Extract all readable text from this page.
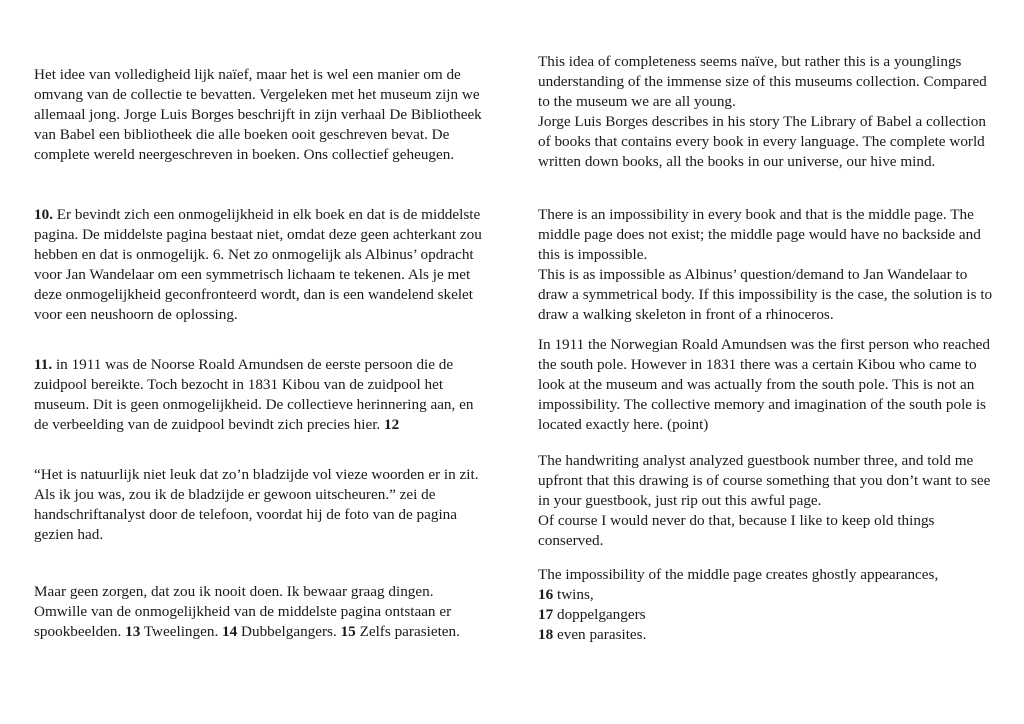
Het idee van volledigheid lijk naïef, maar het is wel een manier om de omvang van de collectie te bevatten. Vergeleken met het museum zijn we allemaal jong. Jorge Luis Borges beschrijft in zijn verhaal De Bibliotheek van Babel een bibliotheek die alle boeken ooit geschreven bevat. De complete wereld neergeschreven in boeken. Ons collectief geheugen.

10. Er bevindt zich een onmogelijkheid in elk boek en dat is de middelste pagina. De middelste pagina bestaat niet, omdat deze geen achterkant zou hebben en dat is onmogelijk. 6. Net zo onmogelijk als Albinus’ opdracht voor Jan Wandelaar om een symmetrisch lichaam te tekenen. Als je met deze onmogelijkheid geconfronteerd wordt, dan is een wandelend skelet voor een neushoorn de oplossing.

11. in 1911 was de Noorse Roald Amundsen de eerste persoon die de zuidpool bereikte. Toch bezocht in 1831 Kibou van de zuidpool het museum. Dit is geen onmogelijkheid. De collectieve herinnering aan, en de verbeelding van de zuidpool bevindt zich precies hier. 12

“Het is natuurlijk niet leuk dat zo’n bladzijde vol vieze woorden er in zit. Als ik jou was, zou ik de bladzijde er gewoon uitscheuren.” zei de handschriftanalyst door de telefoon, voordat hij de foto van de pagina gezien had.

Maar geen zorgen, dat zou ik nooit doen. Ik bewaar graag dingen. Omwille van de onmogelijkheid van de middelste pagina ontstaan er spookbeelden. 13 Tweelingen. 14 Dubbelgangers. 15 Zelfs parasieten.

This idea of completeness seems naïve, but rather this is a younglings understanding of the immense size of this museums collection. Compared to the museum we are all young.
Jorge Luis Borges describes in his story The Library of Babel a collection of books that contains every book in every language. The complete world written down books, all the books in our universe, our hive mind.

There is an impossibility in every book and that is the middle page. The middle page does not exist; the middle page would have no backside and this is impossible.
This is as impossible as Albinus’ question/demand to Jan Wandelaar to draw a symmetrical body. If this impossibility is the case, the solution is to draw a walking skeleton in front of a rhinoceros.

In 1911 the Norwegian Roald Amundsen was the first person who reached the south pole. However in 1831 there was a certain Kibou who came to look at the museum and was actually from the south pole. This is not an impossibility. The collective memory and imagination of the south pole is located exactly here. (point)

The handwriting analyst analyzed guestbook number three, and told me upfront that this drawing is of course something that you don’t want to see in your guestbook, just rip out this awful page.
Of course I would never do that, because I like to keep old things conserved.

The impossibility of the middle page creates ghostly appearances,
16 twins,
17 doppelgangers
18 even parasites.
